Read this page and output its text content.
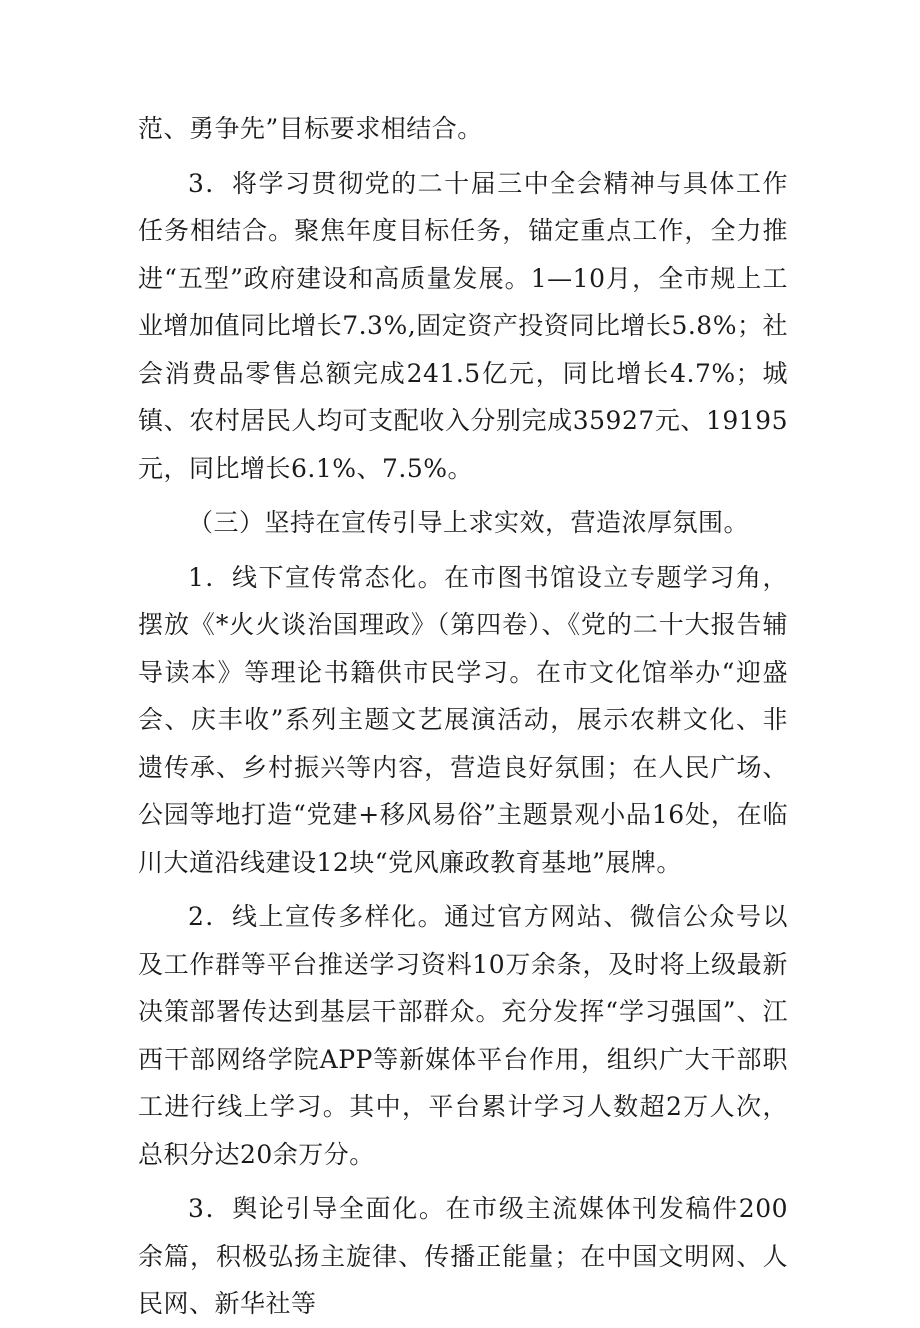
范、勇争先”目标要求相结合。

3．将学习贯彻党的二十届三中全会精神与具体工作任务相结合。聚焦年度目标任务，锚定重点工作，全力推进“五型”政府建设和高质量发展。1—10月，全市规上工业增加值同比增长7.3%,固定资产投资同比增长5.8%；社会消费品零售总额完成241.5亿元，同比增长4.7%；城镇、农村居民人均可支配收入分别完成35927元、19195元，同比增长6.1%、7.5%。

（三）坚持在宣传引导上求实效，营造浓厚氛围。

1．线下宣传常态化。在市图书馆设立专题学习角，摆放《*火火谈治国理政》（第四卷）、《党的二十大报告辅导读本》等理论书籍供市民学习。在市文化馆举办“迎盛会、庆丰收”系列主题文艺展演活动，展示农耕文化、非遗传承、乡村振兴等内容，营造良好氛围；在人民广场、公园等地打造“党建+移风易俗”主题景观小品16处，在临川大道沿线建设12块“党风廉政教育基地”展牌。

2．线上宣传多样化。通过官方网站、微信公众号以及工作群等平台推送学习资料10万余条，及时将上级最新决策部署传达到基层干部群众。充分发挥“学习强国”、江西干部网络学院APP等新媒体平台作用，组织广大干部职工进行线上学习。其中，平台累计学习人数超2万人次，总积分达20余万分。

3．舆论引导全面化。在市级主流媒体刊发稿件200余篇，积极弘扬主旋律、传播正能量；在中国文明网、人民网、新华社等
